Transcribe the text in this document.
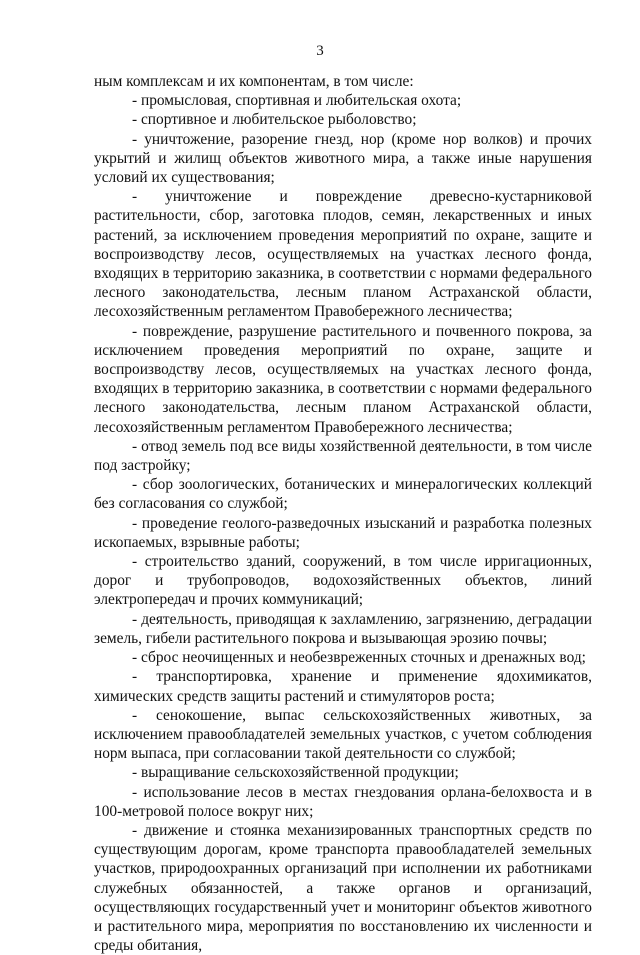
3

ным комплексам и их компонентам, в том числе:

- промысловая, спортивная и любительская охота;

- спортивное и любительское рыболовство;

- уничтожение, разорение гнезд, нор (кроме нор волков) и прочих укрытий и жилищ объектов животного мира, а также иные нарушения условий их существования;

- уничтожение и повреждение древесно-кустарниковой растительности, сбор, заготовка плодов, семян, лекарственных и иных растений, за исключением проведения мероприятий по охране, защите и воспроизводству лесов, осуществляемых на участках лесного фонда, входящих в территорию заказника, в соответствии с нормами федерального лесного законодательства, лесным планом Астраханской области, лесохозяйственным регламентом Правобережного лесничества;

- повреждение, разрушение растительного и почвенного покрова, за исключением проведения мероприятий по охране, защите и воспроизводству лесов, осуществляемых на участках лесного фонда, входящих в территорию заказника, в соответствии с нормами федерального лесного законодательства, лесным планом Астраханской области, лесохозяйственным регламентом Правобережного лесничества;

- отвод земель под все виды хозяйственной деятельности, в том числе под застройку;

- сбор зоологических, ботанических и минералогических коллекций без согласования со службой;

- проведение геолого-разведочных изысканий и разработка полезных ископаемых, взрывные работы;

- строительство зданий, сооружений, в том числе ирригационных, дорог и трубопроводов, водохозяйственных объектов, линий электропередач и прочих коммуникаций;

- деятельность, приводящая к захламлению, загрязнению, деградации земель, гибели растительного покрова и вызывающая эрозию почвы;

- сброс неочищенных и необезвреженных сточных и дренажных вод;

- транспортировка, хранение и применение ядохимикатов, химических средств защиты растений и стимуляторов роста;

- сенокошение, выпас сельскохозяйственных животных, за исключением правообладателей земельных участков, с учетом соблюдения норм выпаса, при согласовании такой деятельности со службой;

- выращивание сельскохозяйственной продукции;

- использование лесов в местах гнездования орлана-белохвоста и в 100-метровой полосе вокруг них;

- движение и стоянка механизированных транспортных средств по существующим дорогам, кроме транспорта правообладателей земельных участков, природоохранных организаций при исполнении их работниками служебных обязанностей, а также органов и организаций, осуществляющих государственный учет и мониторинг объектов животного и растительного мира, мероприятия по восстановлению их численности и среды обитания,
